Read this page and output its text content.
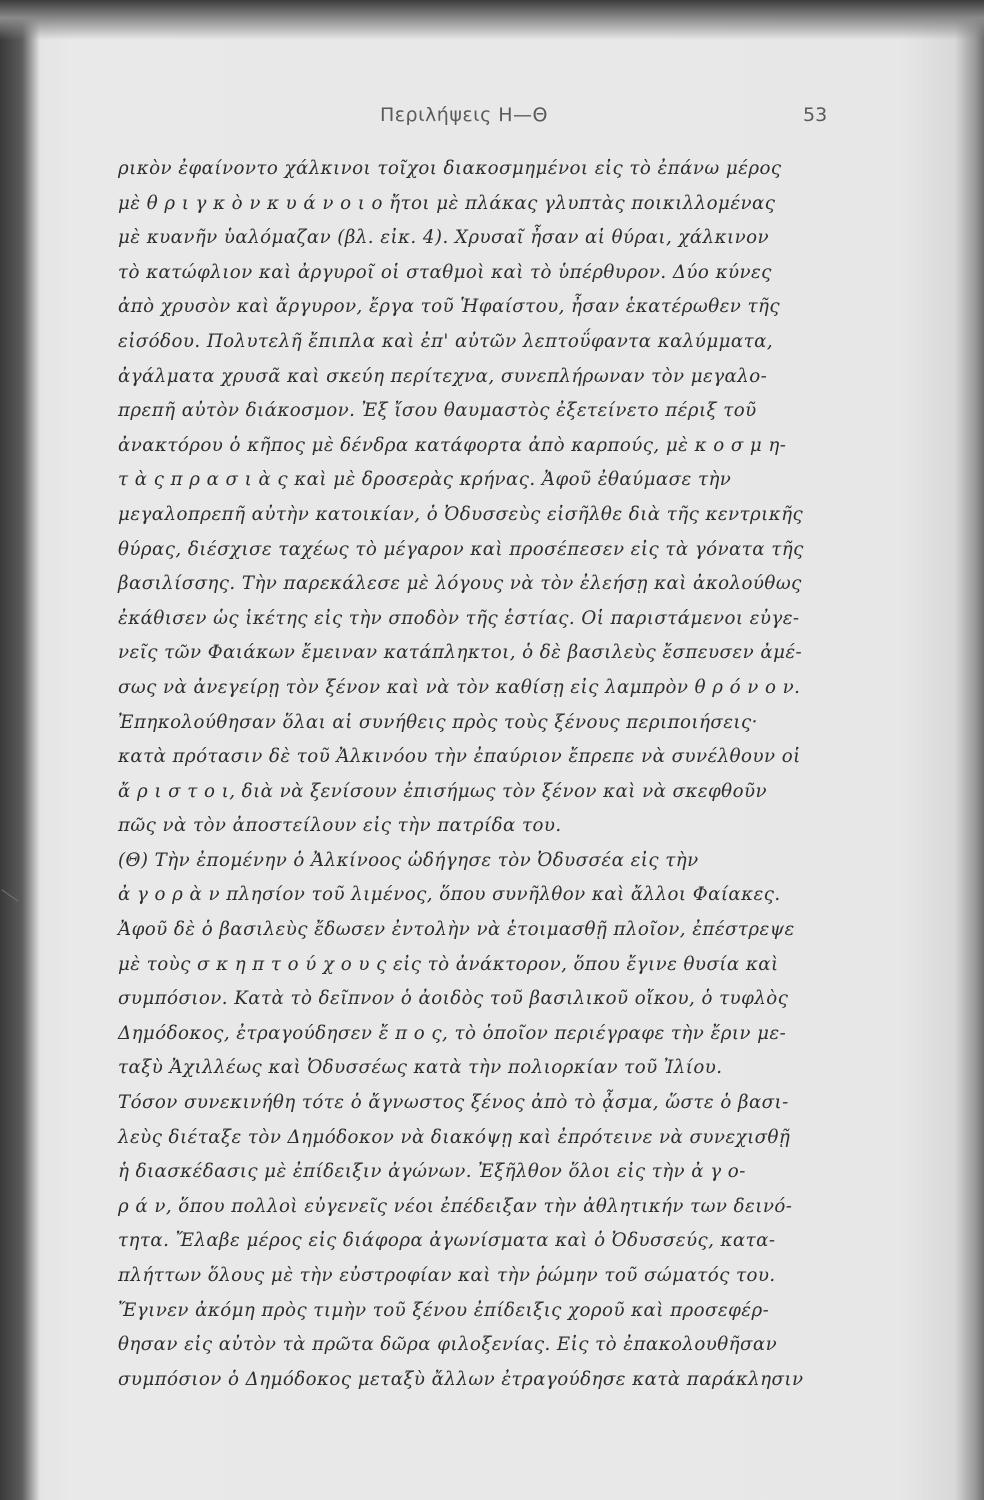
Περιλήψεις Η—Θ	53
ρικὸν ἐφαίνοντο χάλκινοι τοῖχοι διακοσμημένοι εἰς τὸ ἐπάνω μέρος
μὲ θ ρ ι γ κ ὸ ν κ υ ά ν ο ι ο ἤτοι μὲ πλάκας γλυπτὰς ποικιλλομένας
μὲ κυανῆν ὑαλόμαζαν (βλ. εἰκ. 4). Χρυσαῖ ἦσαν αἱ θύραι, χάλκινον
τὸ κατώφλιον καὶ ἀργυροῖ οἱ σταθμοὶ καὶ τὸ ὑπέρθυρον. Δύο κύνες
ἀπὸ χρυσὸν καὶ ἄργυρον, ἔργα τοῦ Ἡφαίστου, ἦσαν ἑκατέρωθεν τῆς
εἰσόδου. Πολυτελῆ ἔπιπλα καὶ ἐπ' αὐτῶν λεπτοΰφαντα καλύμματα,
ἀγάλματα χρυσᾶ καὶ σκεύη περίτεχνα, συνεπλήρωναν τὸν μεγαλο-
πρεπῆ αὐτὸν διάκοσμον. Ἐξ ἴσου θαυμαστὸς ἐξετείνετο πέριξ τοῦ
ἀνακτόρου ὁ κῆπος μὲ δένδρα κατάφορτα ἀπὸ καρπούς, μὲ κ ο σ μ η-
τ ὰ ς π ρ α σ ι ὰ ς καὶ μὲ δροσερὰς κρήνας. Ἀφοῦ ἐθαύμασε τὴν
μεγαλοπρεπῆ αὐτὴν κατοικίαν, ὁ Ὀδυσσεὺς εἰσῆλθε διὰ τῆς κεντρικῆς
θύρας, διέσχισε ταχέως τὸ μέγαρον καὶ προσέπεσεν εἰς τὰ γόνατα τῆς
βασιλίσσης. Τὴν παρεκάλεσε μὲ λόγους νὰ τὸν ἐλεήσῃ καὶ ἀκολούθως
ἐκάθισεν ὡς ἱκέτης εἰς τὴν σποδὸν τῆς ἑστίας. Οἱ παριστάμενοι εὐγε-
νεῖς τῶν Φαιάκων ἔμειναν κατάπληκτοι, ὁ δὲ βασιλεὺς ἔσπευσεν ἀμέ-
σως νὰ ἀνεγείρῃ τὸν ξένον καὶ νὰ τὸν καθίσῃ εἰς λαμπρὸν θ ρ ό ν ο ν.
Ἐπηκολούθησαν ὅλαι αἱ συνήθεις πρὸς τοὺς ξένους περιποιήσεις·
κατὰ πρότασιν δὲ τοῦ Ἀλκινόου τὴν ἐπαύριον ἔπρεπε νὰ συνέλθουν οἱ
ἄ ρ ι σ τ ο ι, διὰ νὰ ξενίσουν ἐπισήμως τὸν ξένον καὶ νὰ σκεφθοῦν
πῶς νὰ τὸν ἀποστείλουν εἰς τὴν πατρίδα του.
(Θ) Τὴν ἐπομένην ὁ Ἀλκίνοος ὡδήγησε τὸν Ὀδυσσέα εἰς τὴν
ἀ γ ο ρ ὰ ν πλησίον τοῦ λιμένος, ὅπου συνῆλθον καὶ ἄλλοι Φαίακες.
Ἀφοῦ δὲ ὁ βασιλεὺς ἔδωσεν ἐντολὴν νὰ ἑτοιμασθῇ πλοῖον, ἐπέστρεψε
μὲ τοὺς σ κ η π τ ο ύ χ ο υ ς εἰς τὸ ἀνάκτορον, ὅπου ἔγινε θυσία καὶ
συμπόσιον. Κατὰ τὸ δεῖπνον ὁ ἀοιδὸς τοῦ βασιλικοῦ οἴκου, ὁ τυφλὸς
Δημόδοκος, ἐτραγούδησεν ἔ π ο ς, τὸ ὁποῖον περιέγραφε τὴν ἔριν με-
ταξὺ Ἀχιλλέως καὶ Ὀδυσσέως κατὰ τὴν πολιορκίαν τοῦ Ἰλίου.
Τόσον συνεκινήθη τότε ὁ ἄγνωστος ξένος ἀπὸ τὸ ᾆσμα, ὥστε ὁ βασι-
λεὺς διέταξε τὸν Δημόδοκον νὰ διακόψῃ καὶ ἐπρότεινε νὰ συνεχισθῇ
ἡ διασκέδασις μὲ ἐπίδειξιν ἀγώνων. Ἐξῆλθον ὅλοι εἰς τὴν ἀ γ ο-
ρ ά ν, ὅπου πολλοὶ εὐγενεῖς νέοι ἐπέδειξαν τὴν ἀθλητικήν των δεινό-
τητα. Ἔλαβε μέρος εἰς διάφορα ἀγωνίσματα καὶ ὁ Ὀδυσσεύς, κατα-
πλήττων ὅλους μὲ τὴν εὐστροφίαν καὶ τὴν ῥώμην τοῦ σώματός του.
Ἔγινεν ἀκόμη πρὸς τιμὴν τοῦ ξένου ἐπίδειξις χοροῦ καὶ προσεφέρ-
θησαν εἰς αὐτὸν τὰ πρῶτα δῶρα φιλοξενίας. Εἰς τὸ ἐπακολουθῆσαν
συμπόσιον ὁ Δημόδοκος μεταξὺ ἄλλων ἐτραγούδησε κατὰ παράκλησιν
